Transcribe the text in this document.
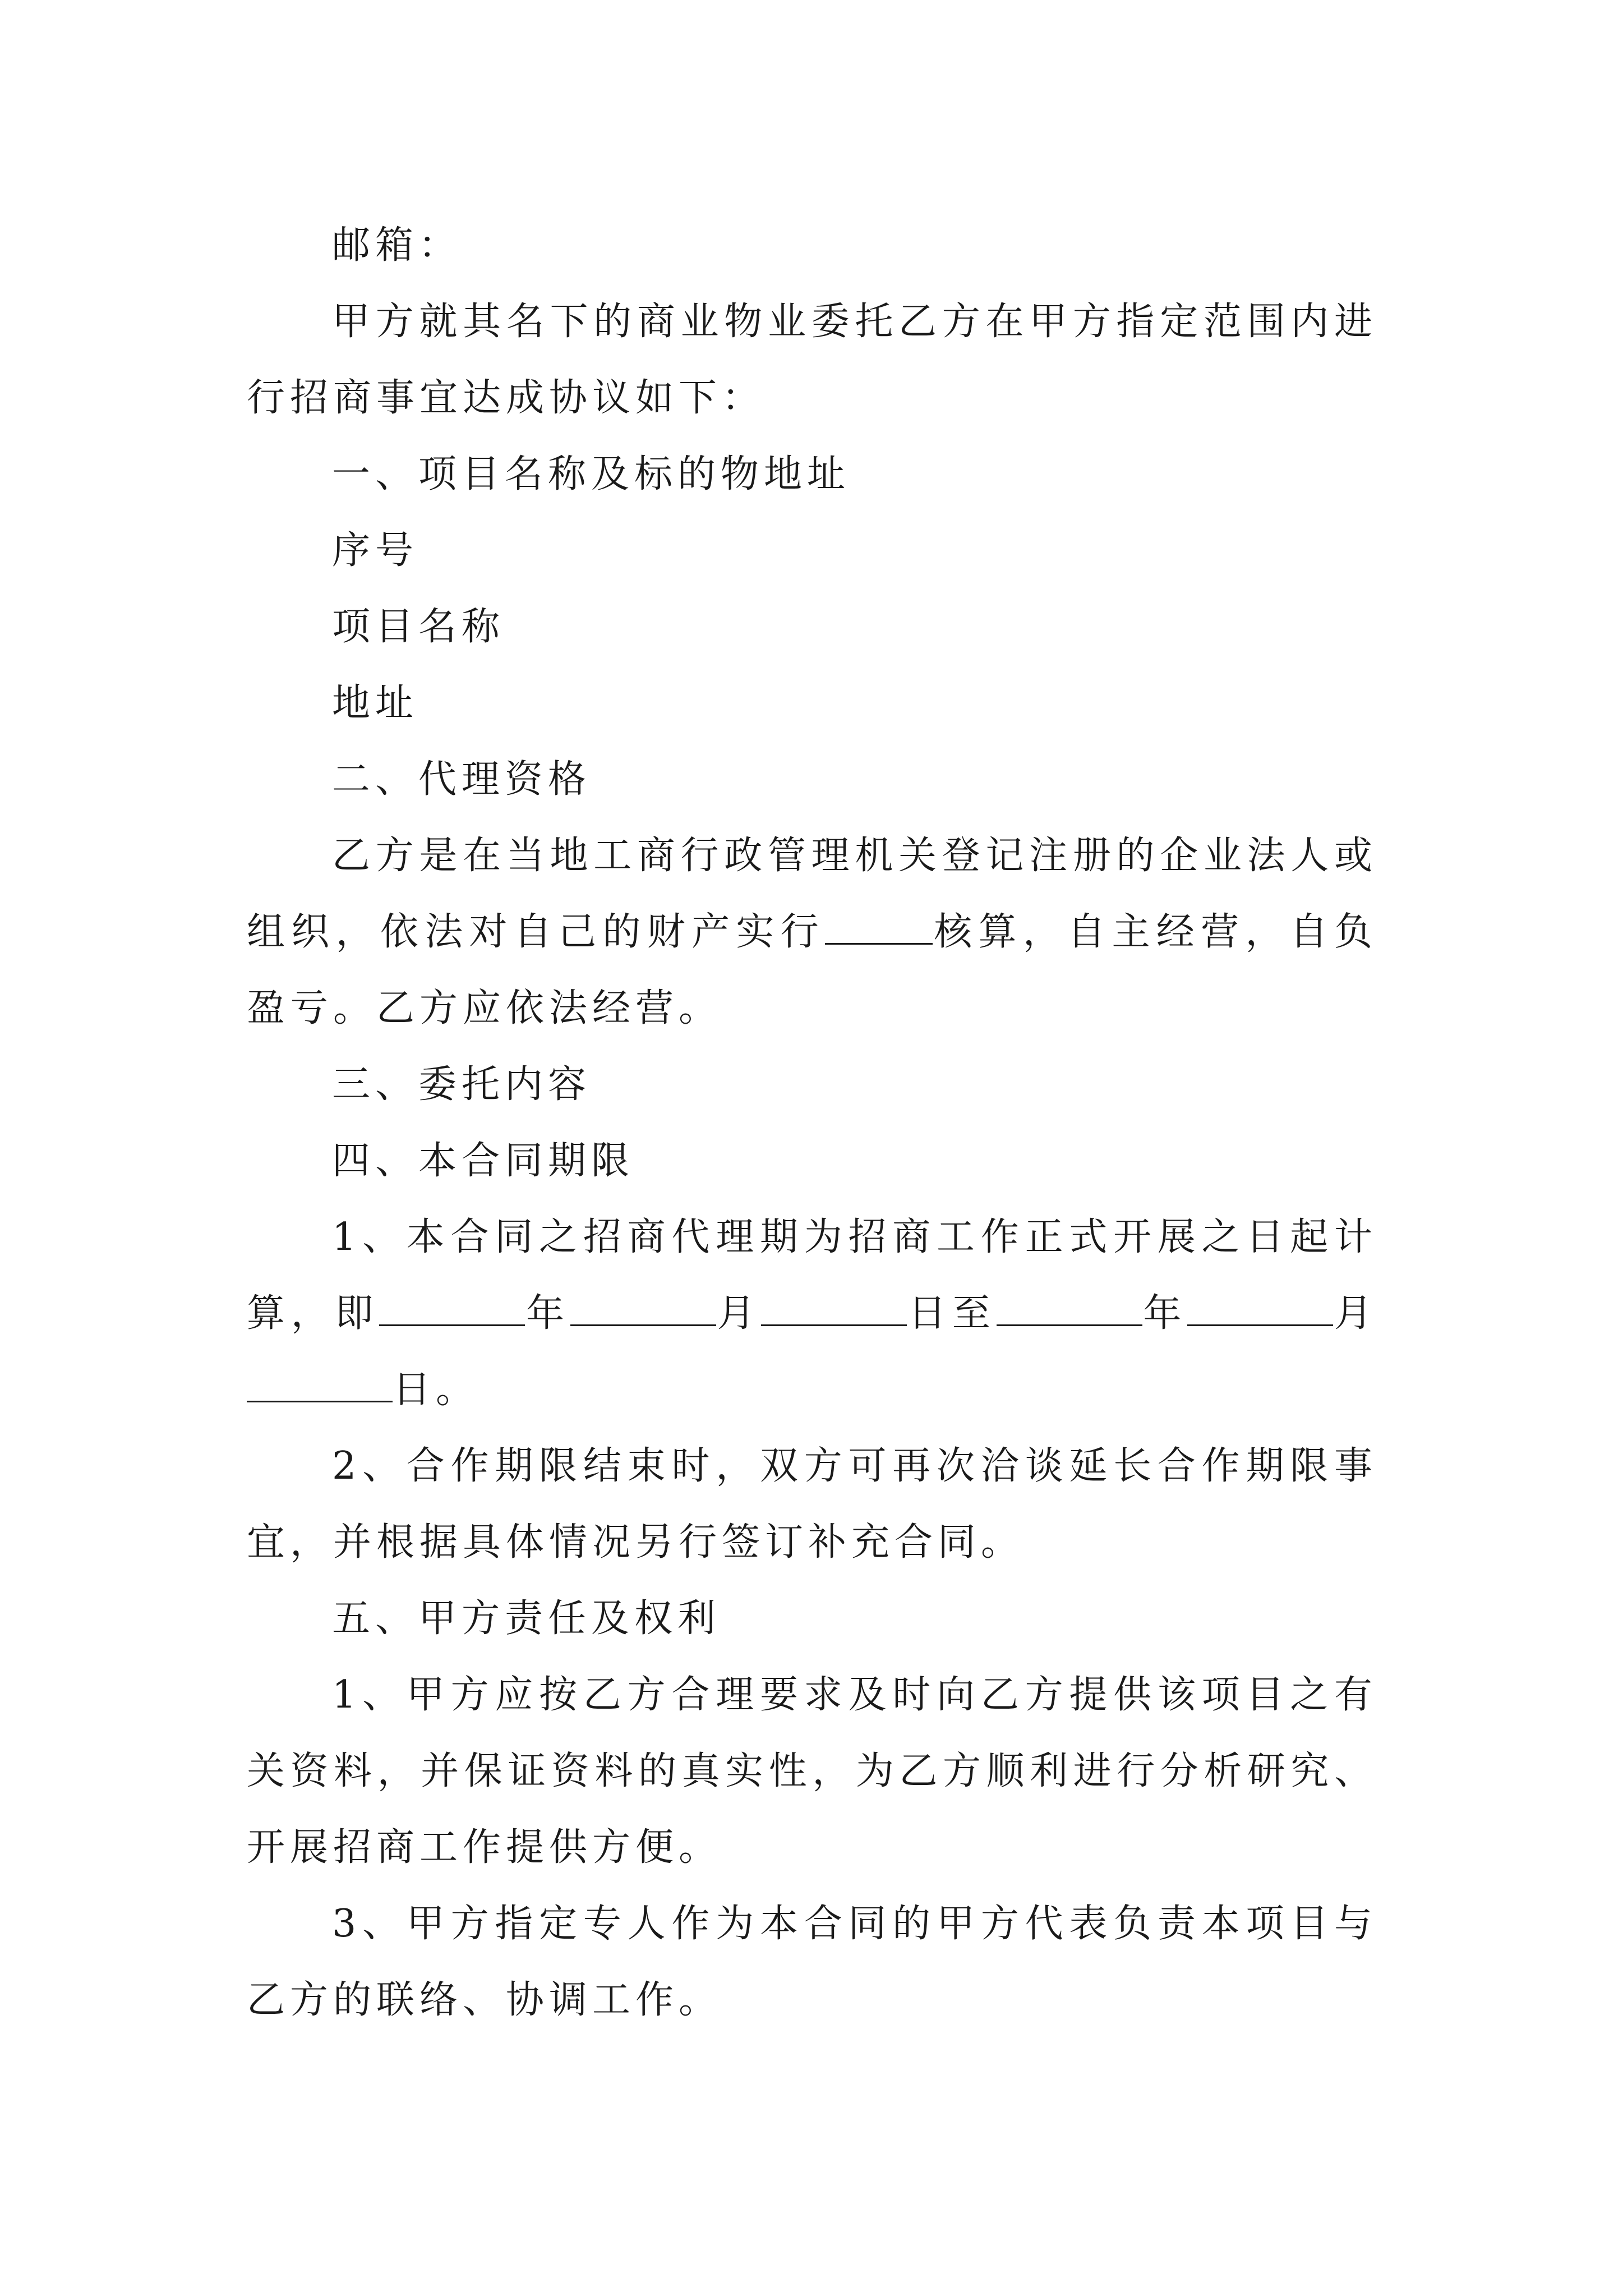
邮箱：

甲方就其名下的商业物业委托乙方在甲方指定范围内进行招商事宜达成协议如下：

一、项目名称及标的物地址

序号

项目名称

地址

二、代理资格

乙方是在当地工商行政管理机关登记注册的企业法人或组织，依法对自己的财产实行	核算，自主经营，自负盈亏。乙方应依法经营。

三、委托内容

四、本合同期限

1、本合同之招商代理期为招商工作正式开展之日起计算，即	年	月	日至	年	月日。

2、合作期限结束时，双方可再次洽谈延长合作期限事宜，并根据具体情况另行签订补充合同。

五、甲方责任及权利

1、甲方应按乙方合理要求及时向乙方提供该项目之有关资料，并保证资料的真实性，为乙方顺利进行分析研究、开展招商工作提供方便。

3、甲方指定专人作为本合同的甲方代表负责本项目与乙方的联络、协调工作。
